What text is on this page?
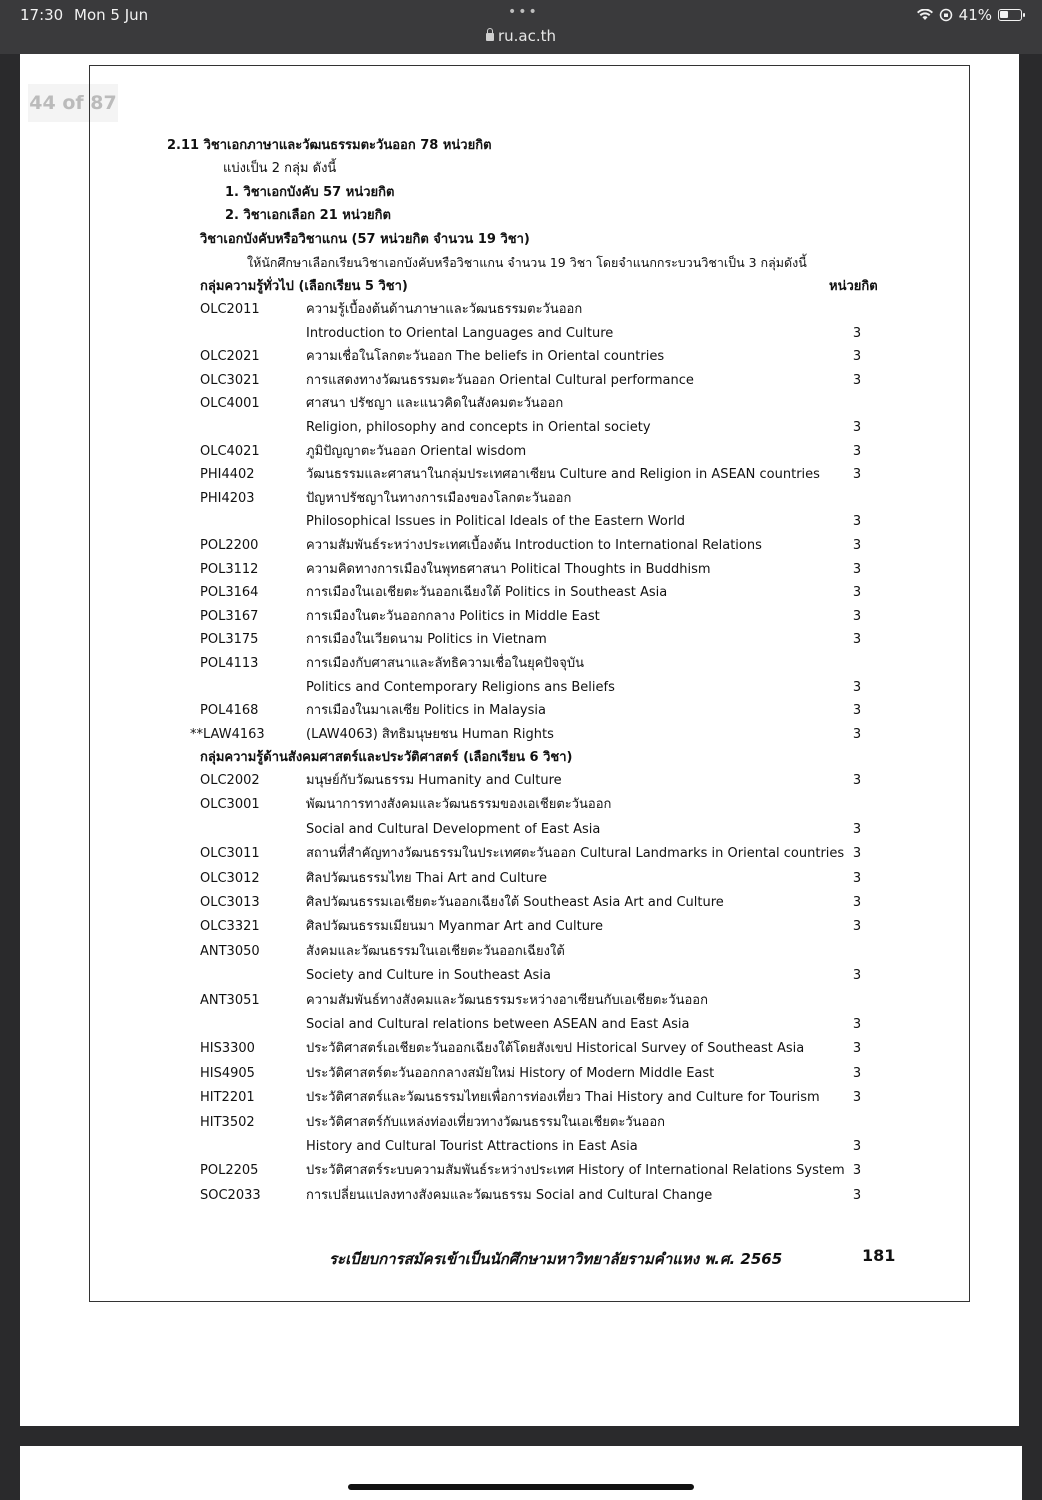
17:30 Mon 5 Jun	•••	41%
ru.ac.th
44 of 87
2.11 วิชาเอกภาษาและวัฒนธรรมตะวันออก 78 หน่วยกิต
แบ่งเป็น 2 กลุ่ม ดังนี้
1. วิชาเอกบังคับ 57 หน่วยกิต
2. วิชาเอกเลือก 21 หน่วยกิต
วิชาเอกบังคับหรือวิชาแกน (57 หน่วยกิต จำนวน 19 วิชา)
ให้นักศึกษาเลือกเรียนวิชาเอกบังคับหรือวิชาแกน จำนวน 19 วิชา โดยจำแนกกระบวนวิชาเป็น 3 กลุ่มดังนี้
กลุ่มความรู้ทั่วไป (เลือกเรียน 5 วิชา)	หน่วยกิต
OLC2011	ความรู้เบื้องต้นด้านภาษาและวัฒนธรรมตะวันออก
Introduction to Oriental Languages and Culture	3
OLC2021	ความเชื่อในโลกตะวันออก The beliefs in Oriental countries	3
OLC3021	การแสดงทางวัฒนธรรมตะวันออก Oriental Cultural performance	3
OLC4001	ศาสนา ปรัชญา และแนวคิดในสังคมตะวันออก
Religion, philosophy and concepts in Oriental society	3
OLC4021	ภูมิปัญญาตะวันออก Oriental wisdom	3
PHI4402	วัฒนธรรมและศาสนาในกลุ่มประเทศอาเซียน Culture and Religion in ASEAN countries	3
PHI4203	ปัญหาปรัชญาในทางการเมืองของโลกตะวันออก
Philosophical Issues in Political Ideals of the Eastern World	3
POL2200	ความสัมพันธ์ระหว่างประเทศเบื้องต้น Introduction to International Relations	3
POL3112	ความคิดทางการเมืองในพุทธศาสนา Political Thoughts in Buddhism	3
POL3164	การเมืองในเอเชียตะวันออกเฉียงใต้ Politics in Southeast Asia	3
POL3167	การเมืองในตะวันออกกลาง Politics in Middle East	3
POL3175	การเมืองในเวียดนาม Politics in Vietnam	3
POL4113	การเมืองกับศาสนาและลัทธิความเชื่อในยุคปัจจุบัน
Politics and Contemporary Religions ans Beliefs	3
POL4168	การเมืองในมาเลเซีย Politics in Malaysia	3
**LAW4163	(LAW4063) สิทธิมนุษยชน Human Rights	3
กลุ่มความรู้ด้านสังคมศาสตร์และประวัติศาสตร์ (เลือกเรียน 6 วิชา)
OLC2002	มนุษย์กับวัฒนธรรม Humanity and Culture	3
OLC3001	พัฒนาการทางสังคมและวัฒนธรรมของเอเชียตะวันออก
Social and Cultural Development of East Asia	3
OLC3011	สถานที่สำคัญทางวัฒนธรรมในประเทศตะวันออก Cultural Landmarks in Oriental countries 3
OLC3012	ศิลปวัฒนธรรมไทย Thai Art and Culture	3
OLC3013	ศิลปวัฒนธรรมเอเชียตะวันออกเฉียงใต้ Southeast Asia Art and Culture	3
OLC3321	ศิลปวัฒนธรรมเมียนมา Myanmar Art and Culture	3
ANT3050	สังคมและวัฒนธรรมในเอเชียตะวันออกเฉียงใต้
Society and Culture in Southeast Asia	3
ANT3051	ความสัมพันธ์ทางสังคมและวัฒนธรรมระหว่างอาเซียนกับเอเชียตะวันออก
Social and Cultural relations between ASEAN and East Asia	3
HIS3300	ประวัติศาสตร์เอเชียตะวันออกเฉียงใต้โดยสังเขป Historical Survey of Southeast Asia	3
HIS4905	ประวัติศาสตร์ตะวันออกกลางสมัยใหม่ History of Modern Middle East	3
HIT2201	ประวัติศาสตร์และวัฒนธรรมไทยเพื่อการท่องเที่ยว Thai History and Culture for Tourism	3
HIT3502	ประวัติศาสตร์กับแหล่งท่องเที่ยวทางวัฒนธรรมในเอเชียตะวันออก
History and Cultural Tourist Attractions in East Asia	3
POL2205	ประวัติศาสตร์ระบบความสัมพันธ์ระหว่างประเทศ History of International Relations System 3
SOC2033	การเปลี่ยนแปลงทางสังคมและวัฒนธรรม Social and Cultural Change	3
ระเบียบการสมัครเข้าเป็นนักศึกษามหาวิทยาลัยรามคำแหง พ.ศ. 2565	181
